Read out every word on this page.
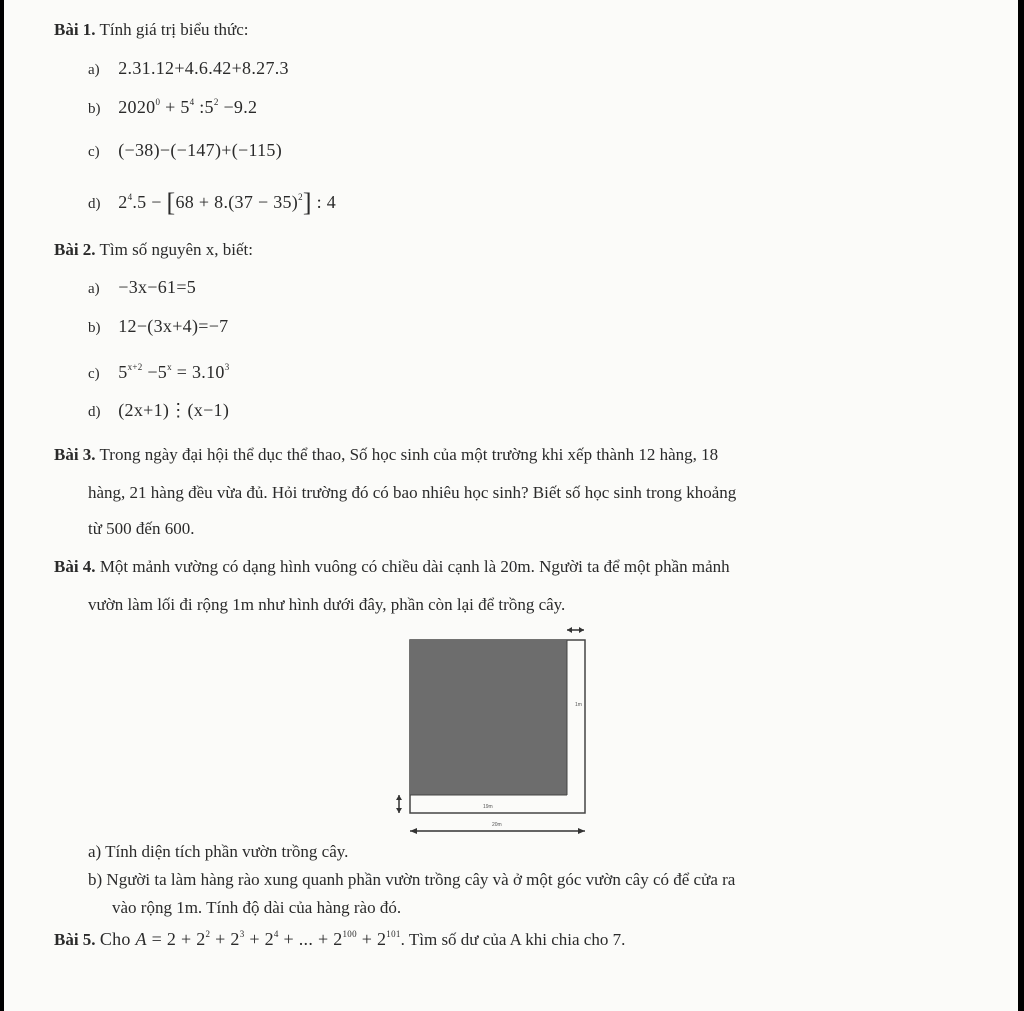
Bài 1. Tính giá trị biểu thức:
a) 2.31.12+4.6.42+8.27.3
b) $2020^0 + 5^4$ $:5^2 -9.2$
c) (−38)−(−147)+(−115)
d) $2^4.5 - [68 + 8.(37 - 35)^2]$ : 4
Bài 2. Tìm số nguyên x, biết:
a) −3x−61=5
b) 12−(3x+4)=−7
c) $5^{x+2} -5^x = 3.10^3$
d) (2x+1)⋮(x−1)
Bài 3. Trong ngày đại hội thể dục thể thao, Số học sinh của một trường khi xếp thành 12 hàng, 18
hàng, 21 hàng đều vừa đủ. Hỏi trường đó có bao nhiêu học sinh? Biết số học sinh trong khoảng
từ 500 đến 600.
Bài 4. Một mảnh vường có dạng hình vuông có chiều dài cạnh là 20m. Người ta để một phần mảnh
vườn làm lối đi rộng 1m như hình dưới đây, phần còn lại để trồng cây.
1m
19m
20m
a) Tính diện tích phần vườn trồng cây.
b) Người ta làm hàng rào xung quanh phần vườn trồng cây và ở một góc vườn cây có để cửa ra
vào rộng 1m. Tính độ dài của hàng rào đó.
Bài 5. Cho $A = 2 + 2^2 + 2^3 + 2^4$ + ... + $2^{100} + 2^{101}$. Tìm số dư của A khi chia cho 7.
